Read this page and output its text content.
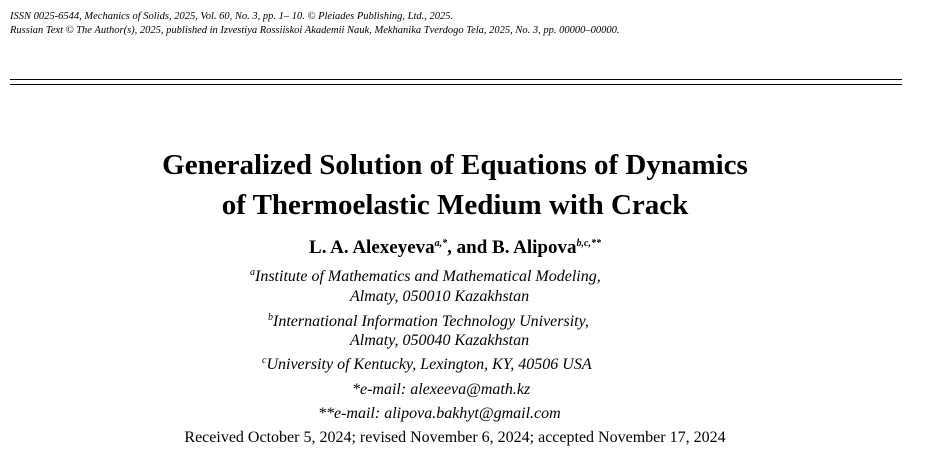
ISSN 0025-6544, Mechanics of Solids, 2025, Vol. 60, No. 3, pp. 1– 10. © Pleiades Publishing, Ltd., 2025.
Russian Text © The Author(s), 2025, published in Izvestiya Rossiiskoi Akademii Nauk, Mekhanika Tverdogo Tela, 2025, No. 3, pp. 00000–00000.
Generalized Solution of Equations of Dynamics
of Thermoelastic Medium with Crack
L. A. Alexeyeva$^{a,*}$, and B. Alipova$^{b,c,**}$
$^a$Institute of Mathematics and Mathematical Modeling,
Almaty, 050010 Kazakhstan
$^b$International Information Technology University,
Almaty, 050040 Kazakhstan
$^c$University of Kentucky, Lexington, KY, 40506 USA
*e-mail: alexeeva@math.kz
**e-mail: alipova.bakhyt@gmail.com
Received October 5, 2024; revised November 6, 2024; accepted November 17, 2024
